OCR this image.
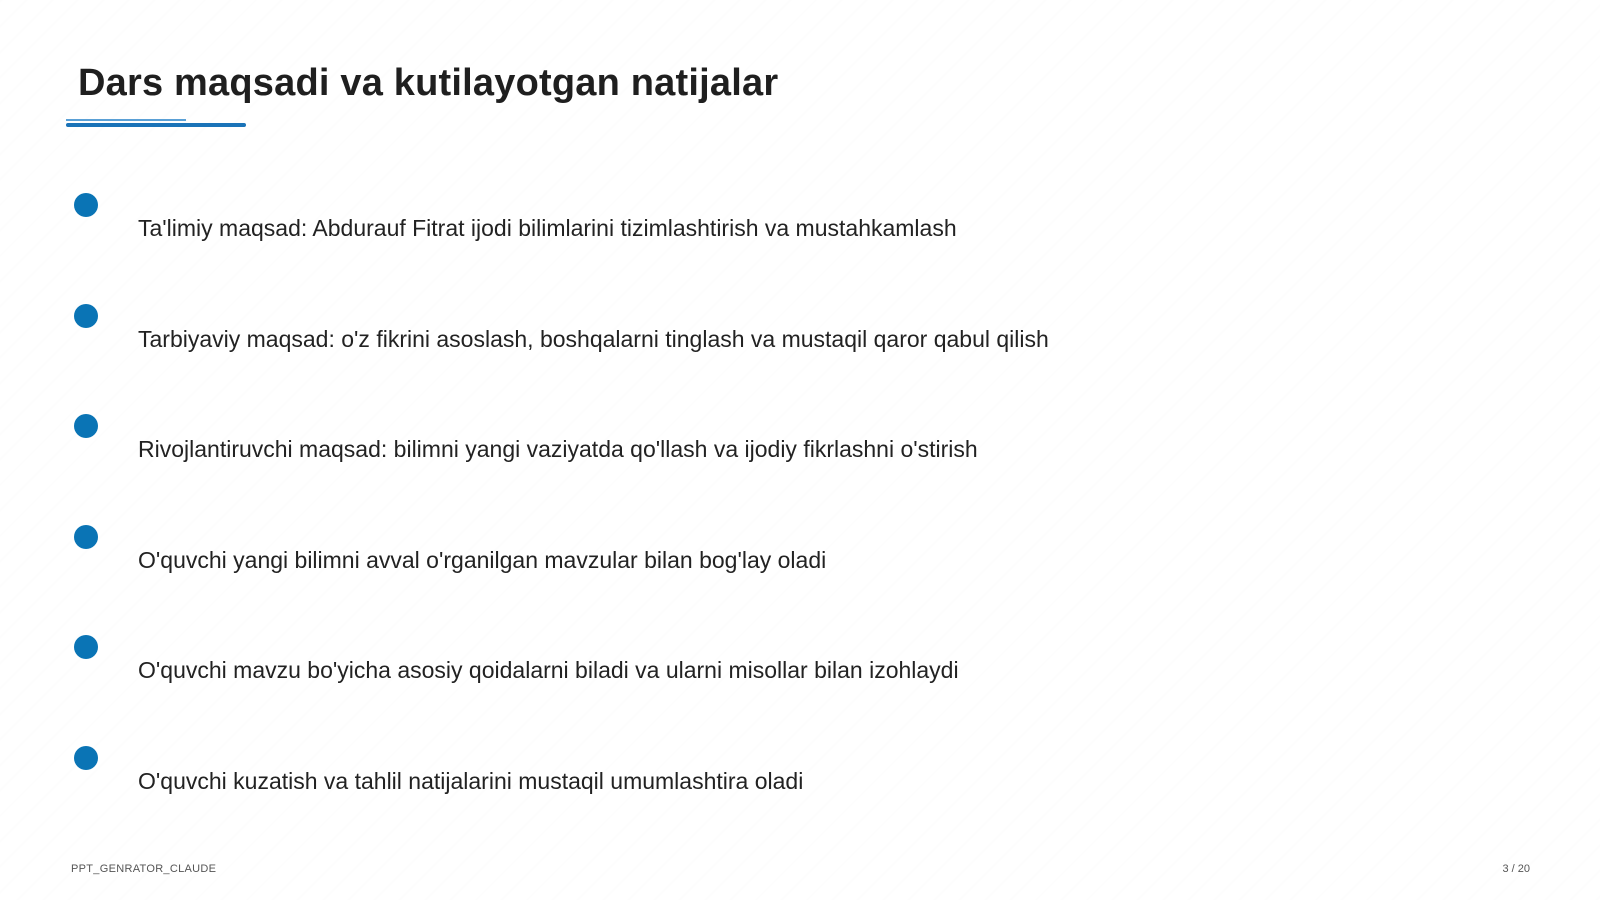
Dars maqsadi va kutilayotgan natijalar
Ta'limiy maqsad: Abdurauf Fitrat ijodi bilimlarini tizimlashtirish va mustahkamlash
Tarbiyaviy maqsad: o'z fikrini asoslash, boshqalarni tinglash va mustaqil qaror qabul qilish
Rivojlantiruvchi maqsad: bilimni yangi vaziyatda qo'llash va ijodiy fikrlashni o'stirish
O'quvchi yangi bilimni avval o'rganilgan mavzular bilan bog'lay oladi
O'quvchi mavzu bo'yicha asosiy qoidalarni biladi va ularni misollar bilan izohlaydi
O'quvchi kuzatish va tahlil natijalarini mustaqil umumlashtira oladi
PPT_GENRATOR_CLAUDE	3 / 20
